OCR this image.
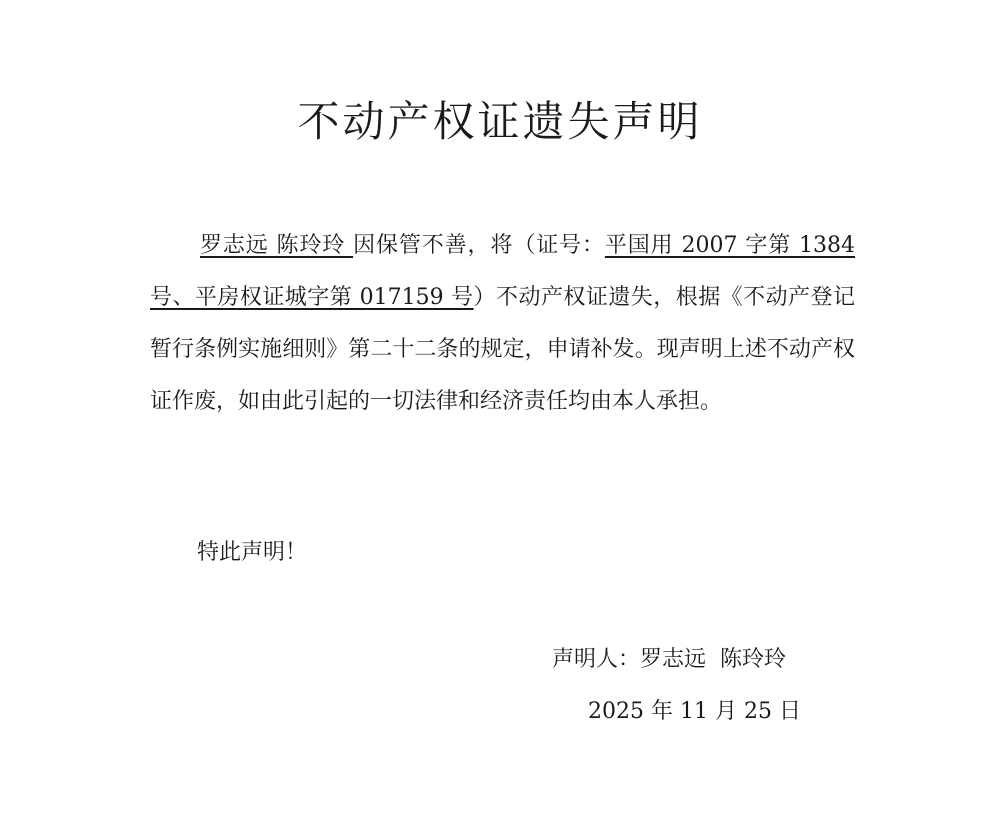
不动产权证遗失声明

罗志远 陈玲玲 因保管不善，将（证号：平国用 2007 字第 1384 号、平房权证城字第 017159 号）不动产权证遗失，根据《不动产登记暂行条例实施细则》第二十二条的规定，申请补发。现声明上述不动产权证作废，如由此引起的一切法律和经济责任均由本人承担。

特此声明！

声明人：罗志远  陈玲玲

2025 年 11 月 25 日
